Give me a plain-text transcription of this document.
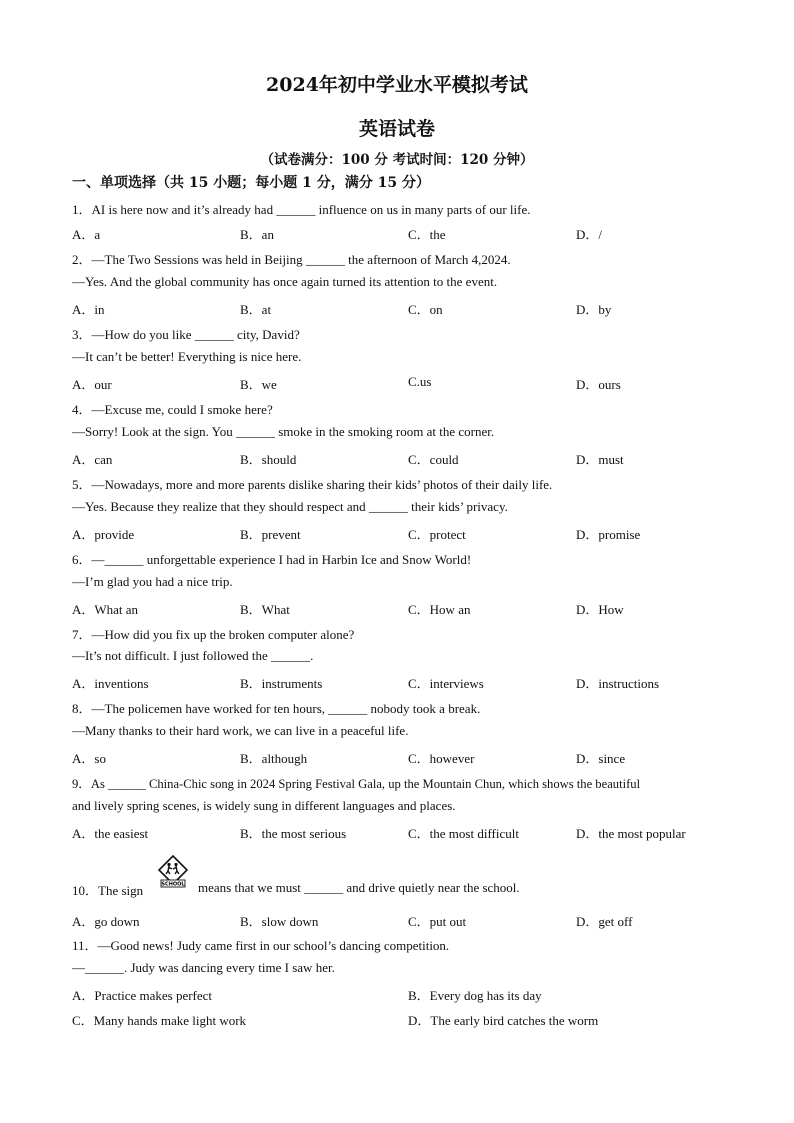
2024年初中学业水平模拟考试
英语试卷
（试卷满分：100 分 考试时间：120 分钟）
一、单项选择（共 15 小题；每小题 1 分，满分 15 分）
1．AI is here now and it’s already had ______ influence on us in many parts of our life.
A．a	B．an	C．the	D．/
2．—The Two Sessions was held in Beijing ______ the afternoon of March 4,2024.
—Yes. And the global community has once again turned its attention to the event.
A．in	B．at	C．on	D．by
3．—How do you like ______ city, David?
—It can’t be better! Everything is nice here.
A．our	B．we	C.us	D．ours
4．—Excuse me, could I smoke here?
—Sorry! Look at the sign. You ______ smoke in the smoking room at the corner.
A．can	B．should	C．could	D．must
5．—Nowadays, more and more parents dislike sharing their kids’ photos of their daily life.
—Yes. Because they realize that they should respect and ______ their kids’ privacy.
A．provide	B．prevent	C．protect	D．promise
6．—______ unforgettable experience I had in Harbin Ice and Snow World!
—I’m glad you had a nice trip.
A．What an	B．What	C．How an	D．How
7．—How did you fix up the broken computer alone?
—It’s not difficult. I just followed the ______.
A．inventions	B．instruments	C．interviews	D．instructions
8．—The policemen have worked for ten hours, ______ nobody took a break.
—Many thanks to their hard work, we can live in a peaceful life.
A．so	B．although	C．however	D．since
9．As ______ China-Chic song in 2024 Spring Festival Gala, up the Mountain Chun, which shows the beautiful
and lively spring scenes, is widely sung in different languages and places.
A．the easiest	B．the most serious	C．the most difficult	D．the most popular
10．The sign	SCHOOL means that we must ______ and drive quietly near the school.
A．go down	B．slow down	C．put out	D．get off
11．—Good news! Judy came first in our school’s dancing competition.
—______. Judy was dancing every time I saw her.
A．Practice makes perfect	B．Every dog has its day
C．Many hands make light work	D．The early bird catches the worm
